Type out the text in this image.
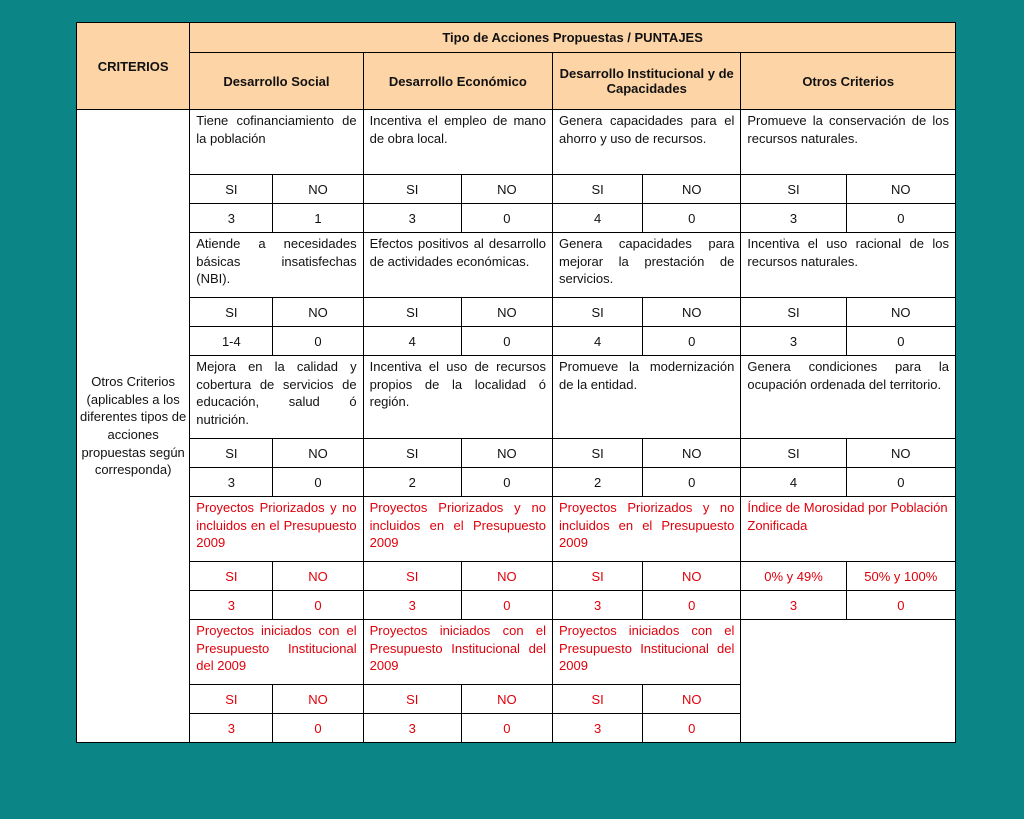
CRITERIOS	Tipo de Acciones Propuestas / PUNTAJES							
	Desarrollo Social		Desarrollo Económico		Desarrollo Institucional y de Capacidades		Otros Criterios	
Otros Criterios (aplicables a los diferentes tipos de acciones propuestas según corresponda)	Tiene cofinanciamiento de la población		Incentiva el empleo de mano de obra local.		Genera capacidades para el ahorro y uso de recursos.		Promueve la conservación de los recursos naturales.	
	SI	NO	SI	NO	SI	NO	SI	NO
	3	1	3	0	4	0	3	0
	Atiende a necesidades básicas insatisfechas (NBI).		Efectos positivos al desarrollo de actividades económicas.		Genera capacidades para mejorar la prestación de servicios.		Incentiva el uso racional de los recursos naturales.	
	SI	NO	SI	NO	SI	NO	SI	NO
	1-4	0	4	0	4	0	3	0
	Mejora en la calidad y cobertura de servicios de educación, salud ó nutrición.		Incentiva el uso de recursos propios de la localidad ó región.		Promueve la modernización de la entidad.		Genera condiciones para la ocupación ordenada del territorio.	
	SI	NO	SI	NO	SI	NO	SI	NO
	3	0	2	0	2	0	4	0
	Proyectos Priorizados y no incluidos en el Presupuesto 2009		Proyectos Priorizados y no incluidos en el Presupuesto 2009		Proyectos Priorizados y no incluidos en el Presupuesto 2009		Índice de Morosidad por Población Zonificada	
	SI	NO	SI	NO	SI	NO	0% y 49%	50% y 100%
	3	0	3	0	3	0	3	0
	Proyectos iniciados con el Presupuesto Institucional del 2009		Proyectos iniciados con el Presupuesto Institucional del 2009		Proyectos iniciados con el Presupuesto Institucional del 2009			
	SI	NO	SI	NO	SI	NO		
	3	0	3	0	3	0		
